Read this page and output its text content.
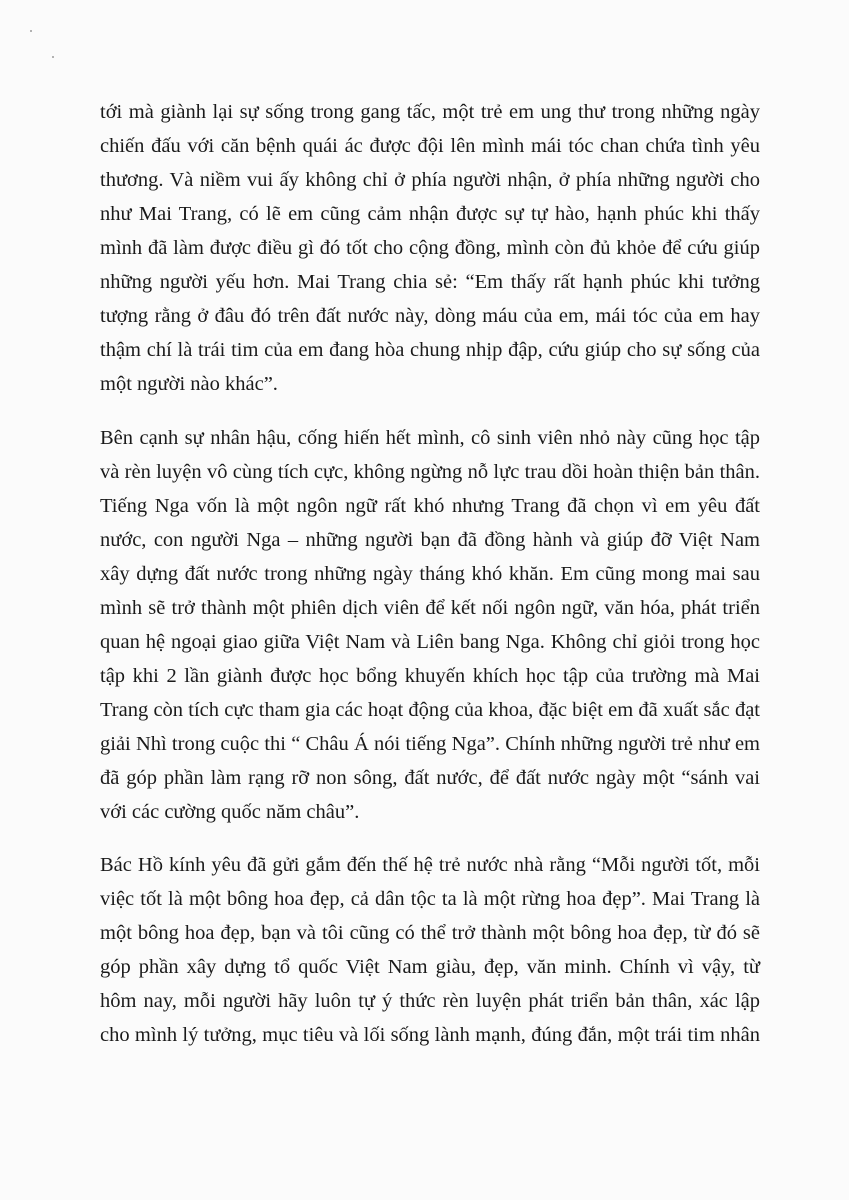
tới mà giành lại sự sống trong gang tấc, một trẻ em ung thư trong những ngày
chiến đấu với căn bệnh quái ác được đội lên mình mái tóc chan chứa tình yêu
thương. Và niềm vui ấy không chỉ ở phía người nhận, ở phía những người cho
như Mai Trang, có lẽ em cũng cảm nhận được sự tự hào, hạnh phúc khi thấy
mình đã làm được điều gì đó tốt cho cộng đồng, mình còn đủ khỏe để cứu giúp
những người yếu hơn. Mai Trang chia sẻ: “Em thấy rất hạnh phúc khi tưởng
tượng rằng ở đâu đó trên đất nước này, dòng máu của em, mái tóc của em hay
thậm chí là trái tim của em đang hòa chung nhịp đập, cứu giúp cho sự sống của
một người nào khác”.
Bên cạnh sự nhân hậu, cống hiến hết mình, cô sinh viên nhỏ này cũng học tập
và rèn luyện vô cùng tích cực, không ngừng nỗ lực trau dồi hoàn thiện bản thân.
Tiếng Nga vốn là một ngôn ngữ rất khó nhưng Trang đã chọn vì em yêu đất
nước, con người Nga – những người bạn đã đồng hành và giúp đỡ Việt Nam
xây dựng đất nước trong những ngày tháng khó khăn. Em cũng mong mai sau
mình sẽ trở thành một phiên dịch viên để kết nối ngôn ngữ, văn hóa, phát triển
quan hệ ngoại giao giữa Việt Nam và Liên bang Nga. Không chỉ giỏi trong học
tập khi 2 lần giành được học bổng khuyến khích học tập của trường mà Mai
Trang còn tích cực tham gia các hoạt động của khoa, đặc biệt em đã xuất sắc đạt
giải Nhì trong cuộc thi “ Châu Á nói tiếng Nga”. Chính những người trẻ như em
đã góp phần làm rạng rỡ non sông, đất nước, để đất nước ngày một “sánh vai
với các cường quốc năm châu”.
Bác Hồ kính yêu đã gửi gắm đến thế hệ trẻ nước nhà rằng “Mỗi người tốt, mỗi
việc tốt là một bông hoa đẹp, cả dân tộc ta là một rừng hoa đẹp”. Mai Trang là
một bông hoa đẹp, bạn và tôi cũng có thể trở thành một bông hoa đẹp, từ đó sẽ
góp phần xây dựng tổ quốc Việt Nam giàu, đẹp, văn minh. Chính vì vậy, từ
hôm nay, mỗi người hãy luôn tự ý thức rèn luyện phát triển bản thân, xác lập
cho mình lý tưởng, mục tiêu và lối sống lành mạnh, đúng đắn, một trái tim nhân
